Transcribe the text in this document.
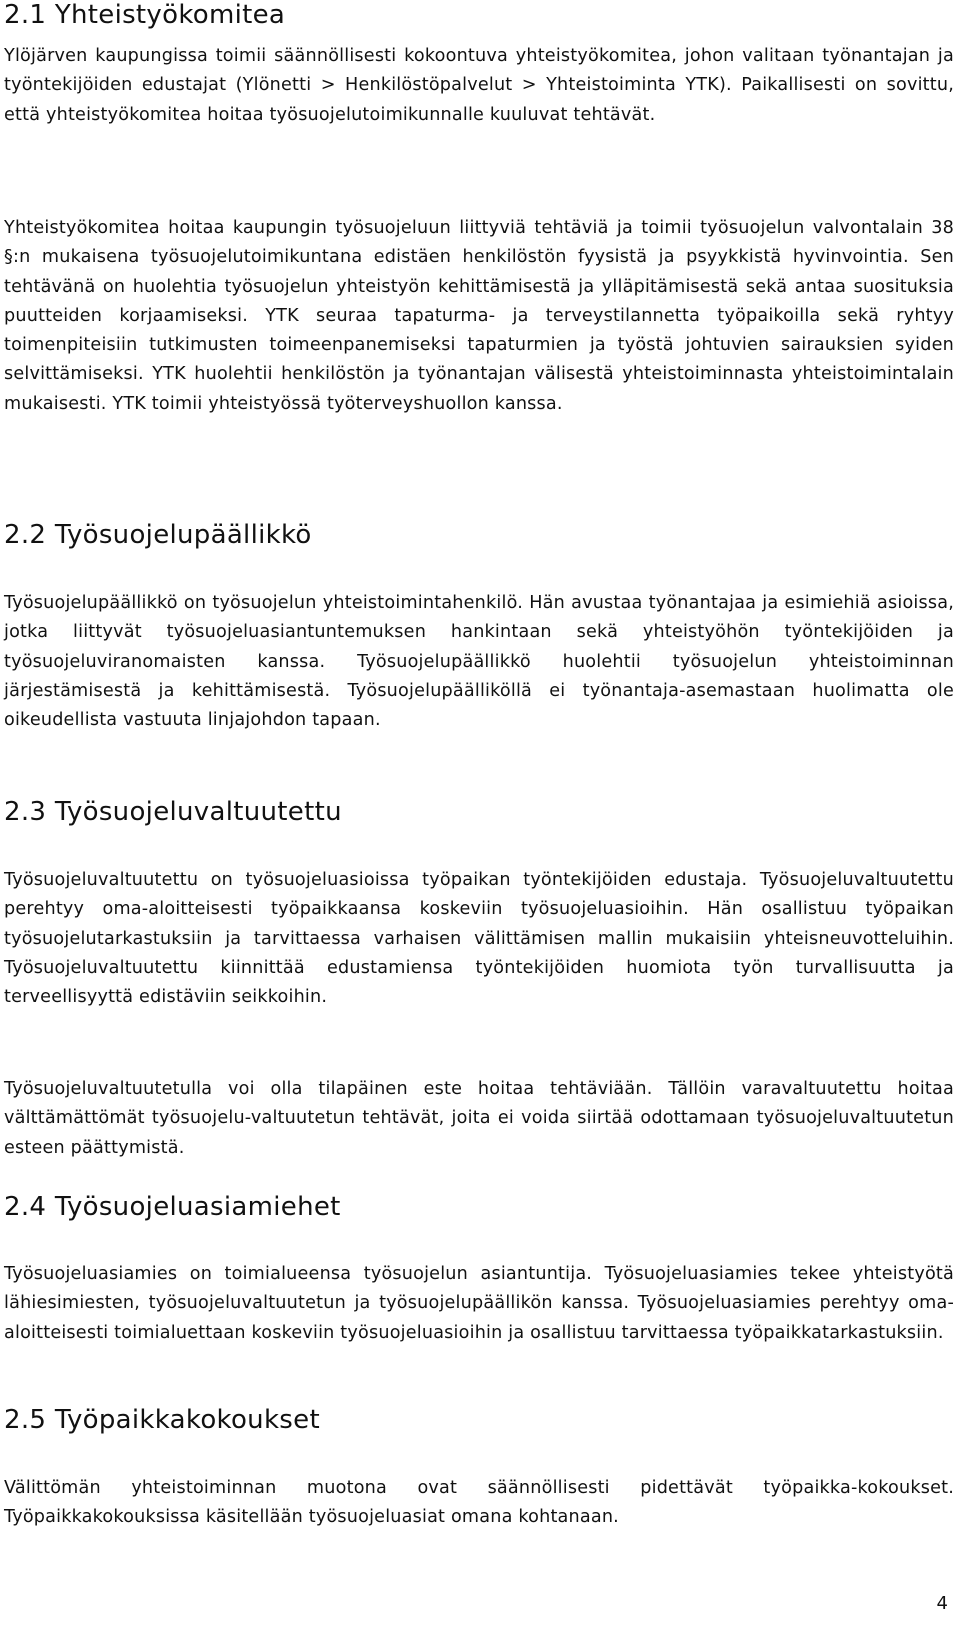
2.1 Yhteistyökomitea

Ylöjärven kaupungissa toimii säännöllisesti kokoontuva yhteistyökomitea, johon valitaan työnantajan ja työntekijöiden edustajat (Ylönetti > Henkilöstöpalvelut > Yhteistoiminta YTK). Paikallisesti on sovittu, että yhteistyökomitea hoitaa työsuojelutoimikunnalle kuuluvat tehtävät.

Yhteistyökomitea hoitaa kaupungin työsuojeluun liittyviä tehtäviä ja toimii työsuojelun valvontalain 38 §:n mukaisena työsuojelutoimikuntana edistäen henkilöstön fyysistä ja psyykkistä hyvinvointia. Sen tehtävänä on huolehtia työsuojelun yhteistyön kehittämisestä ja ylläpitämisestä sekä antaa suosituksia puutteiden korjaamiseksi. YTK seuraa tapaturma- ja terveystilannetta työpaikoilla sekä ryhtyy toimenpiteisiin tutkimusten toimeenpanemiseksi tapaturmien ja työstä johtuvien sairauksien syiden selvittämiseksi. YTK huolehtii henkilöstön ja työnantajan välisestä yhteistoiminnasta yhteistoimintalain mukaisesti. YTK toimii yhteistyössä työterveyshuollon kanssa.

2.2 Työsuojelupäällikkö

Työsuojelupäällikkö on työsuojelun yhteistoimintahenkilö. Hän avustaa työnantajaa ja esimiehiä asioissa, jotka liittyvät työsuojeluasiantuntemuksen hankintaan sekä yhteistyöhön työntekijöiden ja työsuojeluviranomaisten kanssa. Työsuojelupäällikkö huolehtii työsuojelun yhteistoiminnan järjestämisestä ja kehittämisestä. Työsuojelupäälliköllä ei työnantaja-asemastaan huolimatta ole oikeudellista vastuuta linjajohdon tapaan.

2.3 Työsuojeluvaltuutettu

Työsuojeluvaltuutettu on työsuojeluasioissa työpaikan työntekijöiden edustaja. Työsuojeluvaltuutettu perehtyy oma-aloitteisesti työpaikkaansa koskeviin työsuojeluasioihin. Hän osallistuu työpaikan työsuojelutarkastuksiin ja tarvittaessa varhaisen välittämisen mallin mukaisiin yhteisneuvotteluihin. Työsuojeluvaltuutettu kiinnittää edustamiensa työntekijöiden huomiota työn turvallisuutta ja terveellisyyttä edistäviin seikkoihin.

Työsuojeluvaltuutetulla voi olla tilapäinen este hoitaa tehtäviään. Tällöin varavaltuutettu hoitaa välttämättömät työsuojelu-valtuutetun tehtävät, joita ei voida siirtää odottamaan työsuojeluvaltuutetun esteen päättymistä.

2.4 Työsuojeluasiamiehet

Työsuojeluasiamies on toimialueensa työsuojelun asiantuntija. Työsuojeluasiamies tekee yhteistyötä lähiesimiesten, työsuojeluvaltuutetun ja työsuojelupäällikön kanssa. Työsuojeluasiamies perehtyy oma-aloitteisesti toimialuettaan koskeviin työsuojeluasioihin ja osallistuu tarvittaessa työpaikkatarkastuksiin.

2.5 Työpaikkakokoukset

Välittömän yhteistoiminnan muotona ovat säännöllisesti pidettävät työpaikka-kokoukset. Työpaikkakokouksissa käsitellään työsuojeluasiat omana kohtanaan.

4
